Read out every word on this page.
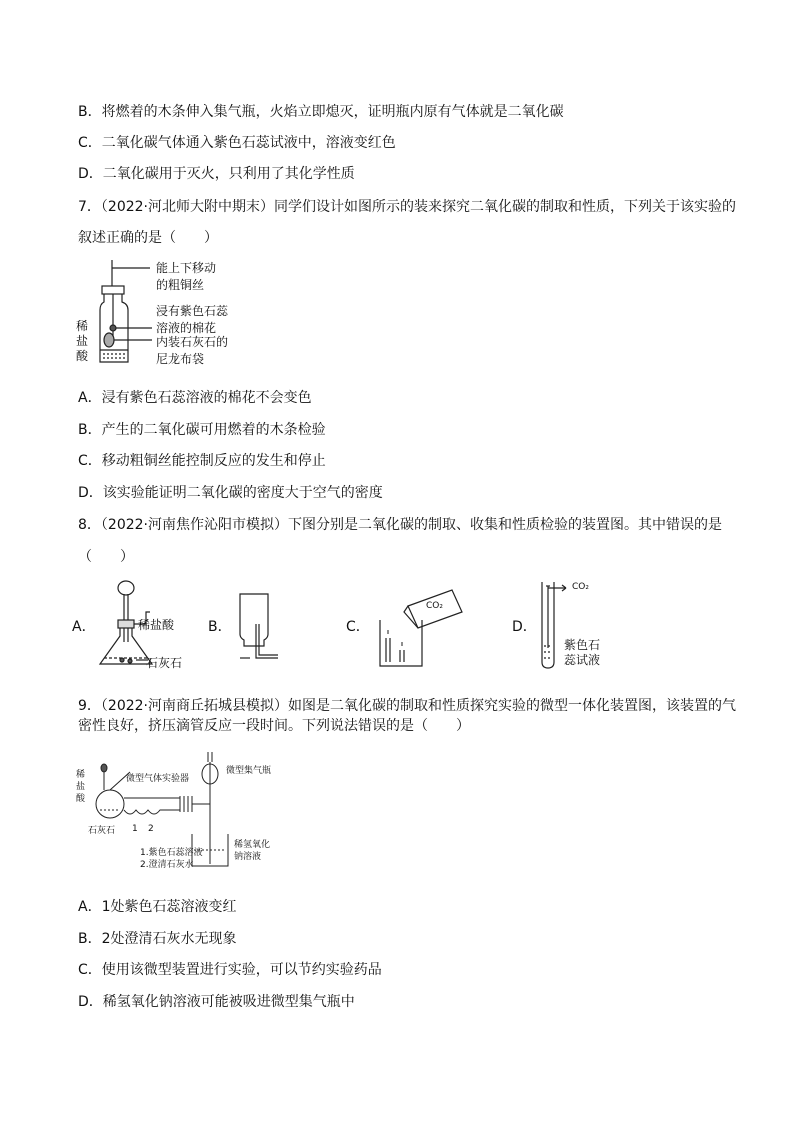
B．将燃着的木条伸入集气瓶，火焰立即熄灭，证明瓶内原有气体就是二氧化碳
C．二氧化碳气体通入紫色石蕊试液中，溶液变红色
D．二氧化碳用于灭火，只利用了其化学性质
7．（2022·河北师大附中期末）同学们设计如图所示的装来探究二氧化碳的制取和性质，下列关于该实验的
叙述正确的是（　　）
能上下移动
的粗铜丝
浸有紫色石蕊
溶液的棉花
内装石灰石的
尼龙布袋
稀
盐
酸
A．浸有紫色石蕊溶液的棉花不会变色
B．产生的二氧化碳可用燃着的木条检验
C．移动粗铜丝能控制反应的发生和停止
D．该实验能证明二氧化碳的密度大于空气的密度
8．（2022·河南焦作沁阳市模拟）下图分别是二氧化碳的制取、收集和性质检验的装置图。其中错误的是
（　　）
A．	稀盐酸
石灰石
B．	C．
CO₂
D．
CO₂
紫色石
蕊试液
9．（2022·河南商丘拓城县模拟）如图是二氧化碳的制取和性质探究实验的微型一体化装置图，该装置的气
密性良好，挤压滴管反应一段时间。下列说法错误的是（　　）
稀
盐
酸
微型气体实验器
微型集气瓶
石灰石 1 2
稀氢氧化
钠溶液
1.紫色石蕊溶液
2.澄清石灰水
A．1处紫色石蕊溶液变红
B．2处澄清石灰水无现象
C．使用该微型装置进行实验，可以节约实验药品
D．稀氢氧化钠溶液可能被吸进微型集气瓶中
